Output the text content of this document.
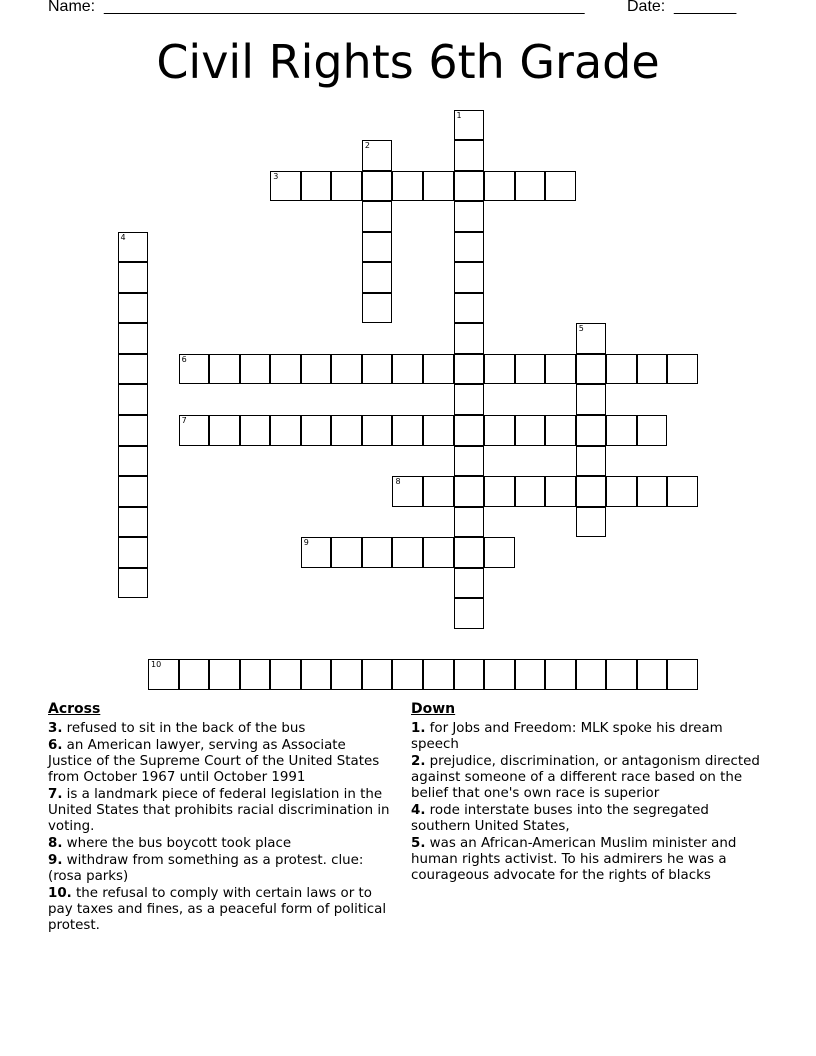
Name: ______________________________________________________	Date: _______
Civil Rights 6th Grade
1
2
3
4
5
6
7
8
9
10
Across
3. refused to sit in the back of the bus
6. an American lawyer, serving as Associate Justice of the Supreme Court of the United States from October 1967 until October 1991
7. is a landmark piece of federal legislation in the United States that prohibits racial discrimination in voting.
8. where the bus boycott took place
9. withdraw from something as a protest. clue:(rosa parks)
10. the refusal to comply with certain laws or to pay taxes and fines, as a peaceful form of political protest.
Down
1. for Jobs and Freedom: MLK spoke his dream speech
2. prejudice, discrimination, or antagonism directed against someone of a different race based on the belief that one's own race is superior
4. rode interstate buses into the segregated southern United States,
5. was an African-American Muslim minister and human rights activist. To his admirers he was a courageous advocate for the rights of blacks
